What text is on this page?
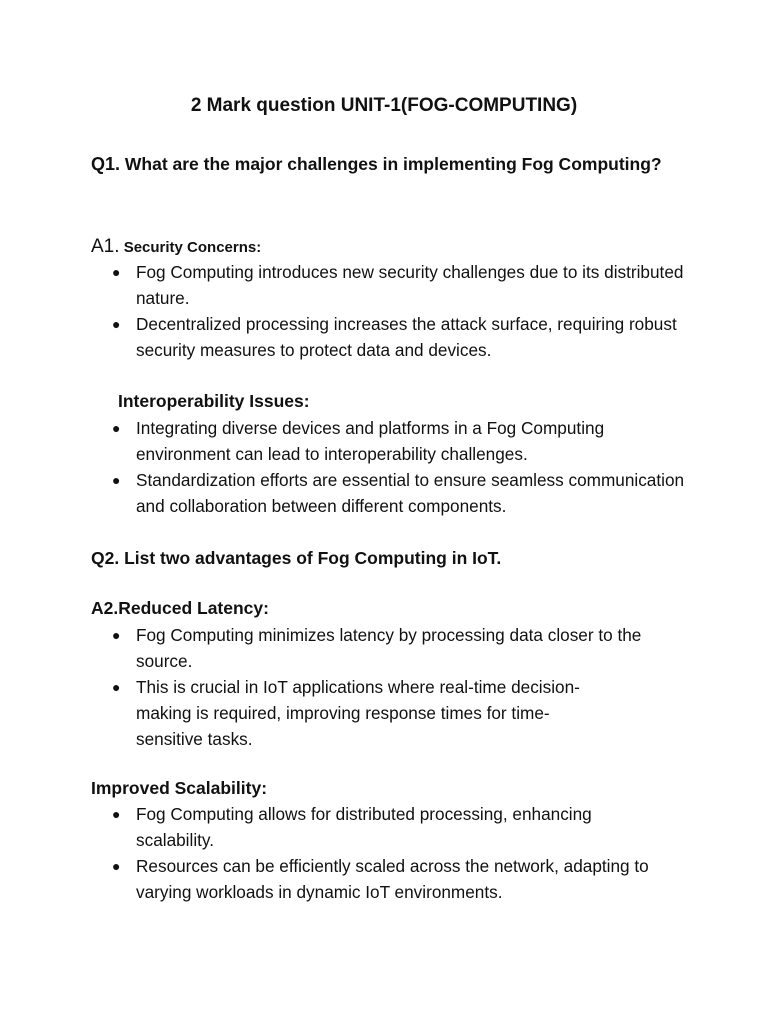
2 Mark question UNIT-1(FOG-COMPUTING)

Q1. What are the major challenges in implementing Fog Computing?

A1. Security Concerns:

● Fog Computing introduces new security challenges due to its distributed nature.
● Decentralized processing increases the attack surface, requiring robust security measures to protect data and devices.

Interoperability Issues:

● Integrating diverse devices and platforms in a Fog Computing environment can lead to interoperability challenges.
● Standardization efforts are essential to ensure seamless communication and collaboration between different components.

Q2. List two advantages of Fog Computing in IoT.

A2.Reduced Latency:

● Fog Computing minimizes latency by processing data closer to the source.
● This is crucial in IoT applications where real-time decision-making is required, improving response times for time-sensitive tasks.

Improved Scalability:

● Fog Computing allows for distributed processing, enhancing scalability.
● Resources can be efficiently scaled across the network, adapting to varying workloads in dynamic IoT environments.
